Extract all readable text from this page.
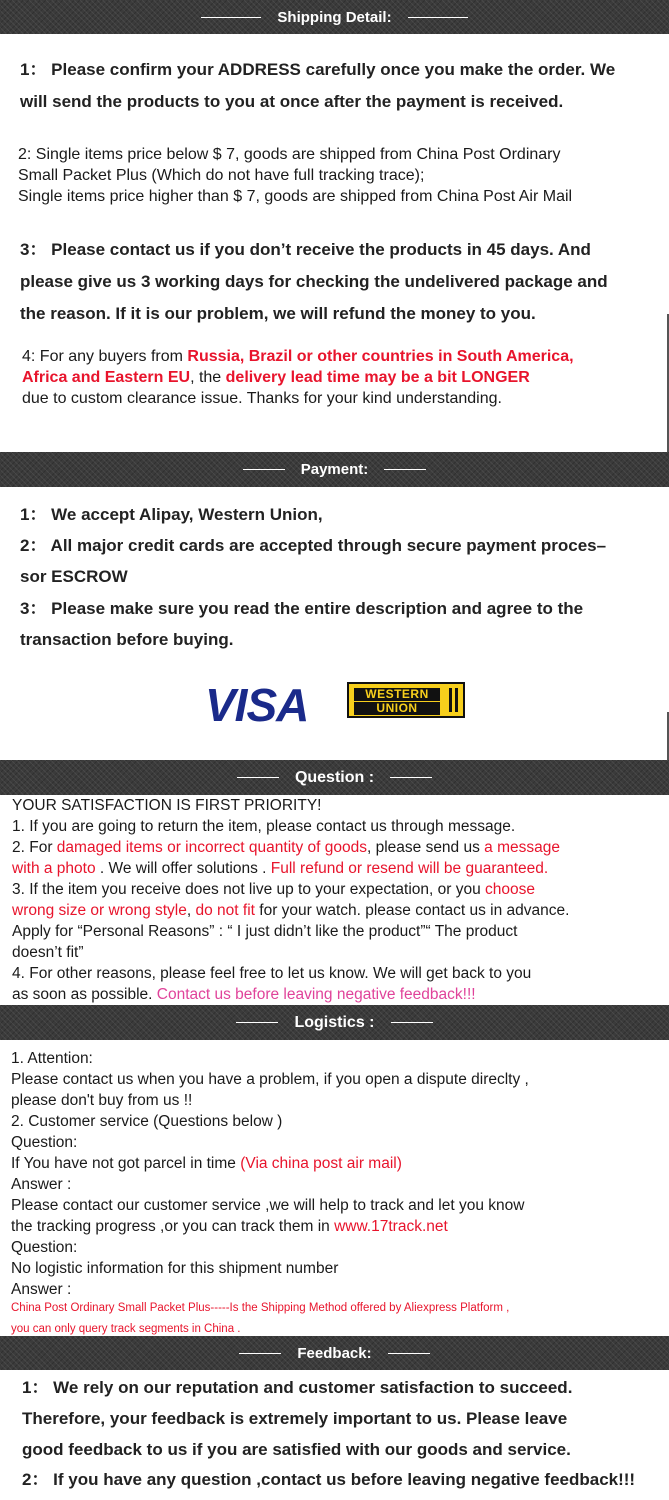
Shipping Detail:
1： Please confirm your ADDRESS carefully once you make the order. We
will send the products to you at once after the payment is received.
2: Single items price below $ 7, goods are shipped from China Post Ordinary
Small Packet Plus (Which do not have full tracking trace);
Single items price higher than $ 7, goods are shipped from China Post Air Mail
3： Please contact us if you don’t receive the products in 45 days. And
please give us 3 working days for checking the undelivered package and
the reason. If it is our problem, we will refund the money to you.
4: For any buyers from Russia, Brazil or other countries in South America,
Africa and Eastern EU, the delivery lead time may be a bit LONGER
due to custom clearance issue. Thanks for your kind understanding.
Payment:
1： We accept Alipay, Western Union,
2： All major credit cards are accepted through secure payment proces–
sor ESCROW
3： Please make sure you read the entire description and agree to the
transaction before buying.
VISA	WESTERN
UNION
Question :
YOUR SATISFACTION IS FIRST PRIORITY!
1. If you are going to return the item, please contact us through message.
2. For damaged items or incorrect quantity of goods, please send us a message
with a photo . We will offer solutions . Full refund or resend will be guaranteed.
3. If the item you receive does not live up to your expectation, or you choose
wrong size or wrong style, do not fit for your watch. please contact us in advance.
Apply for “Personal Reasons” : “ I just didn’t like the product”“ The product
doesn’t fit”
4. For other reasons, please feel free to let us know. We will get back to you
as soon as possible. Contact us before leaving negative feedback!!!
Logistics :
1. Attention:
Please contact us when you have a problem, if you open a dispute direclty ,
please don't buy from us !!
2. Customer service (Questions below )
Question:
If You have not got parcel in time (Via china post air mail)
Answer :
Please contact our customer service ,we will help to track and let you know
the tracking progress ,or you can track them in www.17track.net
Question:
No logistic information for this shipment number
Answer :
China Post Ordinary Small Packet Plus-----Is the Shipping Method offered by Aliexpress Platform ,
you can only query track segments in China .
Feedback:
1： We rely on our reputation and customer satisfaction to succeed.
Therefore, your feedback is extremely important to us. Please leave
good feedback to us if you are satisfied with our goods and service.
2： If you have any question ,contact us before leaving negative feedback!!!
